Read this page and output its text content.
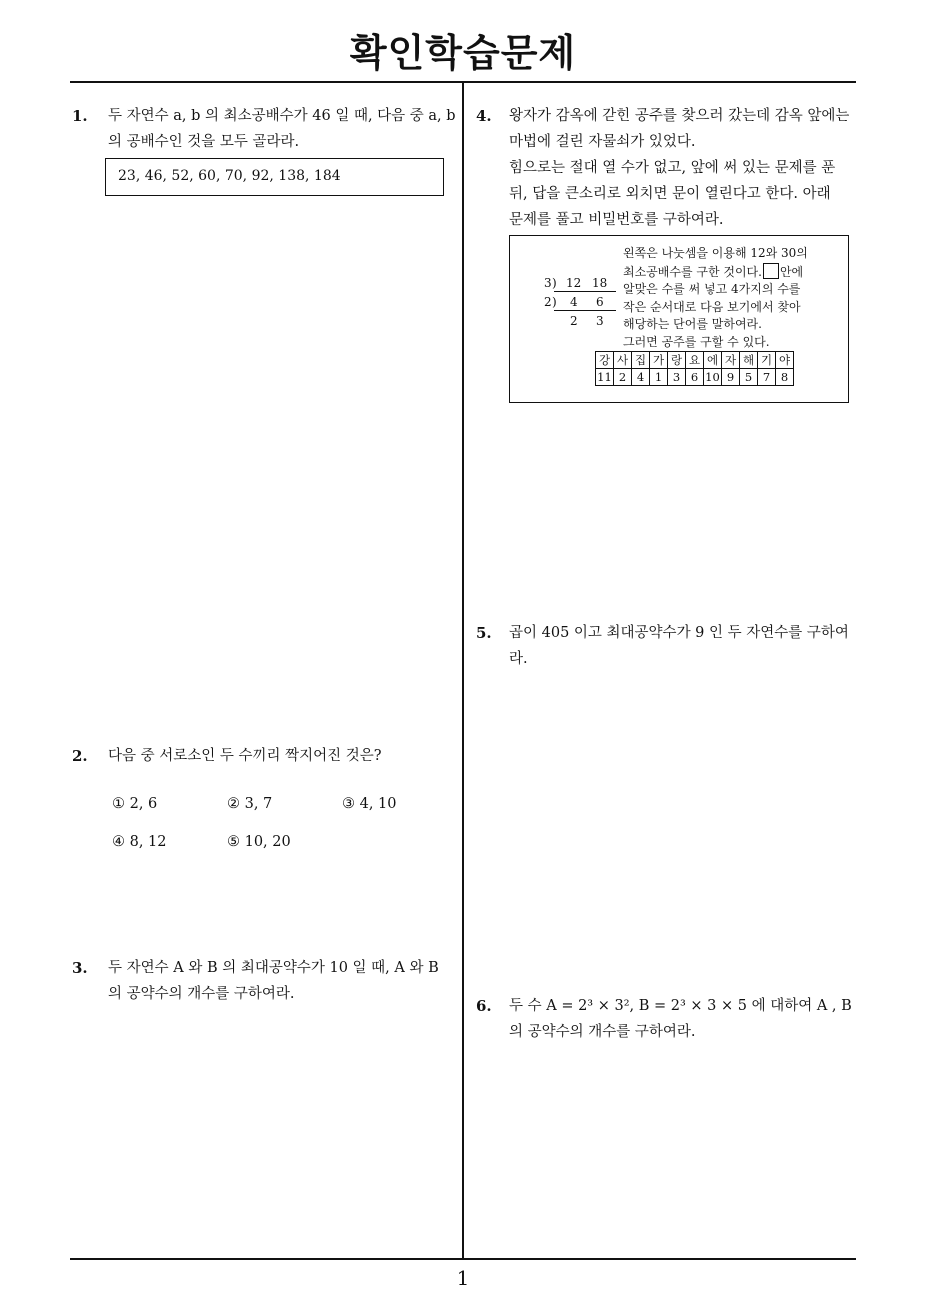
확인학습문제
1
1. 두 자연수 a, b 의 최소공배수가 46 일 때, 다음 중 a, b
의 공배수인 것을 모두 골라라.
23, 46, 52, 60, 70, 92, 138, 184
2. 다음 중 서로소인 두 수끼리 짝지어진 것은?
① 2, 6	② 3, 7	③ 4, 10
④ 8, 12	⑤ 10, 20
3. 두 자연수 A 와 B 의 최대공약수가 10 일 때, A 와 B
의 공약수의 개수를 구하여라.
4. 왕자가 감옥에 갇힌 공주를 찾으러 갔는데 감옥 앞에는
마법에 걸린 자물쇠가 있었다.
힘으로는 절대 열 수가 없고, 앞에 써 있는 문제를 푼
뒤, 답을 큰소리로 외치면 문이 열린다고 한다. 아래
문제를 풀고 비밀번호를 구하여라.
3 ) 12 18
2 ) 4 6
2 3
왼쪽은 나눗셈을 이용해 12와 30의
최소공배수를 구한 것이다. 안에
알맞은 수를 써 넣고 4가지의 수를
작은 순서대로 다음 보기에서 찾아
해당하는 단어를 말하여라.
그러면 공주를 구할 수 있다.
강	사	집	가	랑	요	에	자	해	기	야
11	2	4	1	3	6	10	9	5	7	8
5. 곱이 405 이고 최대공약수가 9 인 두 자연수를 구하여
라.
6. 두 수 A = 2³ × 3², B = 2³ × 3 × 5 에 대하여 A , B
의 공약수의 개수를 구하여라.
